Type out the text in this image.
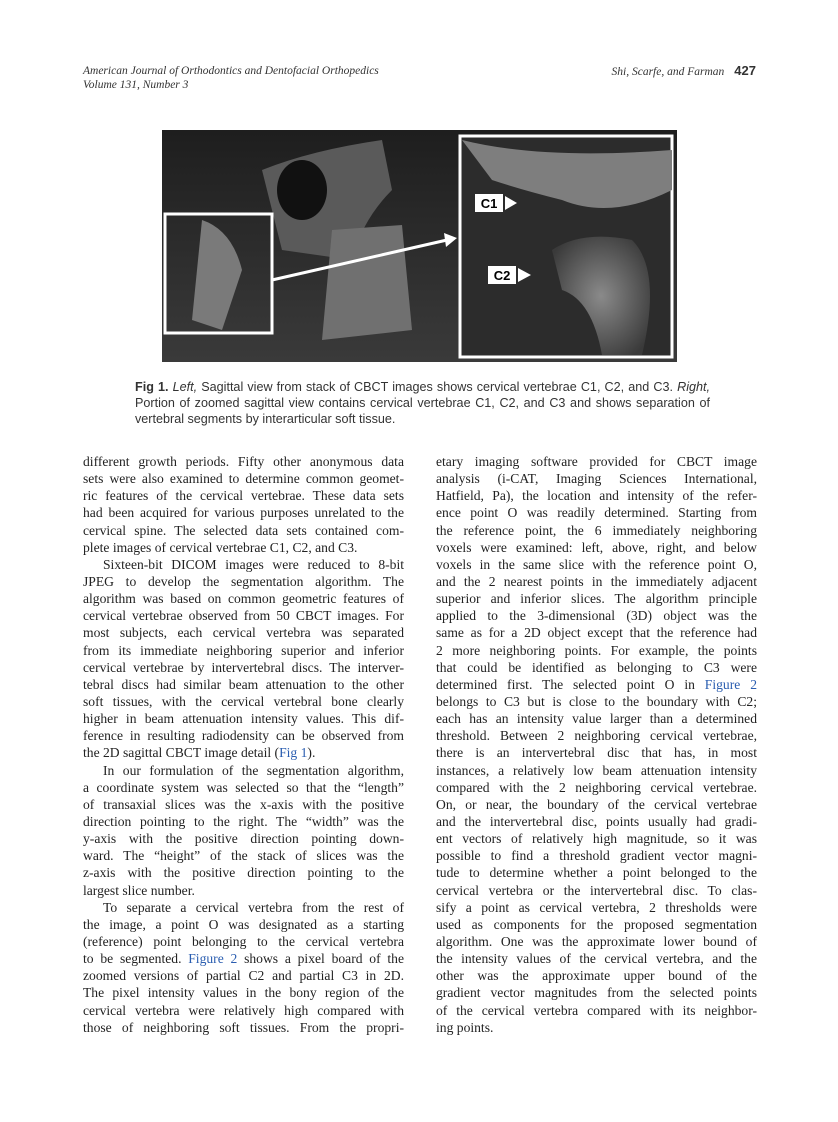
American Journal of Orthodontics and Dentofacial Orthopedics
Volume 131, Number 3
Shi, Scarfe, and Farman 427
C1
C2
Fig 1. Left, Sagittal view from stack of CBCT images shows cervical vertebrae C1, C2, and C3. Right, Portion of zoomed sagittal view contains cervical vertebrae C1, C2, and C3 and shows separation of vertebral segments by interarticular soft tissue.
different growth periods. Fifty other anonymous data
sets were also examined to determine common geomet-
ric features of the cervical vertebrae. These data sets
had been acquired for various purposes unrelated to the
cervical spine. The selected data sets contained com-
plete images of cervical vertebrae C1, C2, and C3.
Sixteen-bit DICOM images were reduced to 8-bit
JPEG to develop the segmentation algorithm. The
algorithm was based on common geometric features of
cervical vertebrae observed from 50 CBCT images. For
most subjects, each cervical vertebra was separated
from its immediate neighboring superior and inferior
cervical vertebrae by intervertebral discs. The interver-
tebral discs had similar beam attenuation to the other
soft tissues, with the cervical vertebral bone clearly
higher in beam attenuation intensity values. This dif-
ference in resulting radiodensity can be observed from
the 2D sagittal CBCT image detail (Fig 1).
In our formulation of the segmentation algorithm,
a coordinate system was selected so that the “length”
of transaxial slices was the x-axis with the positive
direction pointing to the right. The “width” was the
y-axis with the positive direction pointing down-
ward. The “height” of the stack of slices was the
z-axis with the positive direction pointing to the
largest slice number.
To separate a cervical vertebra from the rest of
the image, a point O was designated as a starting
(reference) point belonging to the cervical vertebra
to be segmented. Figure 2 shows a pixel board of the
zoomed versions of partial C2 and partial C3 in 2D.
The pixel intensity values in the bony region of the
cervical vertebra were relatively high compared with
those of neighboring soft tissues. From the propri-
etary imaging software provided for CBCT image
analysis (i-CAT, Imaging Sciences International,
Hatfield, Pa), the location and intensity of the refer-
ence point O was readily determined. Starting from
the reference point, the 6 immediately neighboring
voxels were examined: left, above, right, and below
voxels in the same slice with the reference point O,
and the 2 nearest points in the immediately adjacent
superior and inferior slices. The algorithm principle
applied to the 3-dimensional (3D) object was the
same as for a 2D object except that the reference had
2 more neighboring points. For example, the points
that could be identified as belonging to C3 were
determined first. The selected point O in Figure 2
belongs to C3 but is close to the boundary with C2;
each has an intensity value larger than a determined
threshold. Between 2 neighboring cervical vertebrae,
there is an intervertebral disc that has, in most
instances, a relatively low beam attenuation intensity
compared with the 2 neighboring cervical vertebrae.
On, or near, the boundary of the cervical vertebrae
and the intervertebral disc, points usually had gradi-
ent vectors of relatively high magnitude, so it was
possible to find a threshold gradient vector magni-
tude to determine whether a point belonged to the
cervical vertebra or the intervertebral disc. To clas-
sify a point as cervical vertebra, 2 thresholds were
used as components for the proposed segmentation
algorithm. One was the approximate lower bound of
the intensity values of the cervical vertebra, and the
other was the approximate upper bound of the
gradient vector magnitudes from the selected points
of the cervical vertebra compared with its neighbor-
ing points.
